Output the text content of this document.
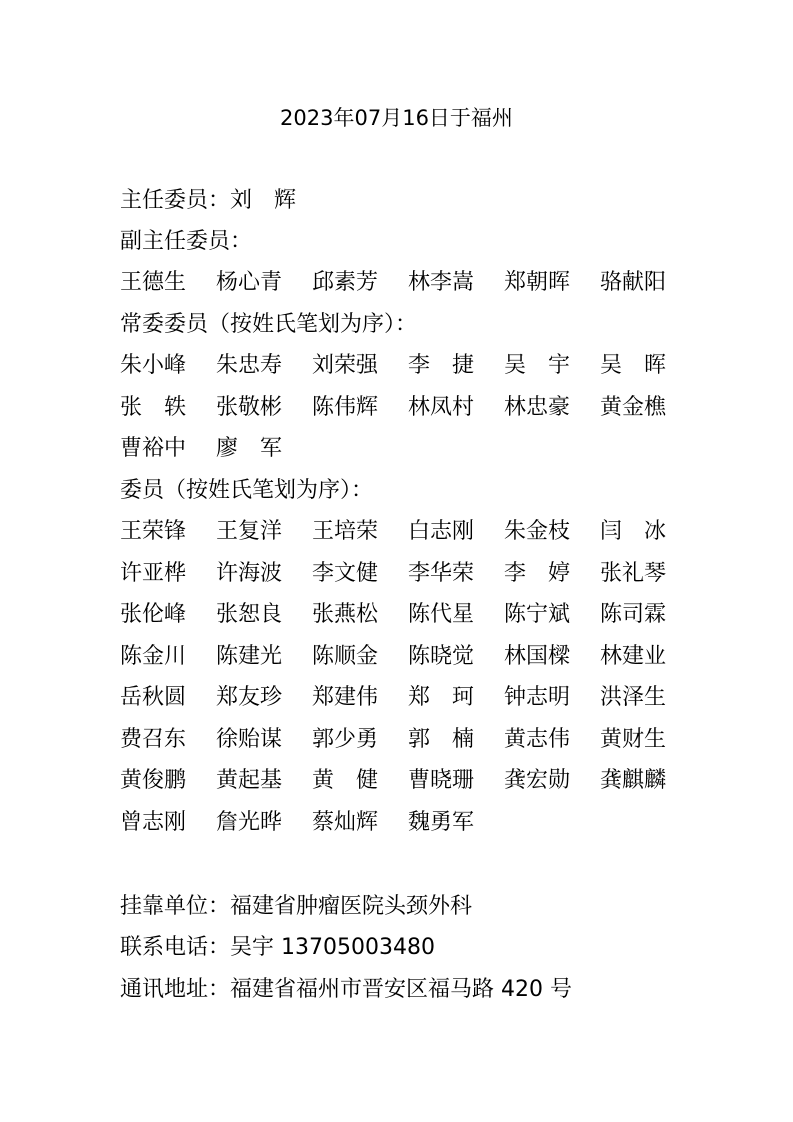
2023年07月16日于福州
主任委员：刘　辉
副主任委员：
王德生 杨心青 邱素芳 林李嵩 郑朝晖 骆献阳
常委委员（按姓氏笔划为序）：
朱小峰 朱忠寿 刘荣强 李　捷 吴　宇 吴　晖
张　轶 张敬彬 陈伟辉 林凤村 林忠豪 黄金樵
曹裕中 廖　军
委员（按姓氏笔划为序）：
王荣锋 王复洋 王培荣 白志刚 朱金枝 闫　冰
许亚桦 许海波 李文健 李华荣 李　婷 张礼琴
张伦峰 张恕良 张燕松 陈代星 陈宁斌 陈司霖
陈金川 陈建光 陈顺金 陈晓觉 林国樑 林建业
岳秋圆 郑友珍 郑建伟 郑　珂 钟志明 洪泽生
费召东 徐贻谋 郭少勇 郭　楠 黄志伟 黄财生
黄俊鹏 黄起基 黄　健 曹晓珊 龚宏勋 龚麒麟
曾志刚 詹光晔 蔡灿辉 魏勇军
挂靠单位：福建省肿瘤医院头颈外科
联系电话：吴宇 13705003480
通讯地址：福建省福州市晋安区福马路 420 号
